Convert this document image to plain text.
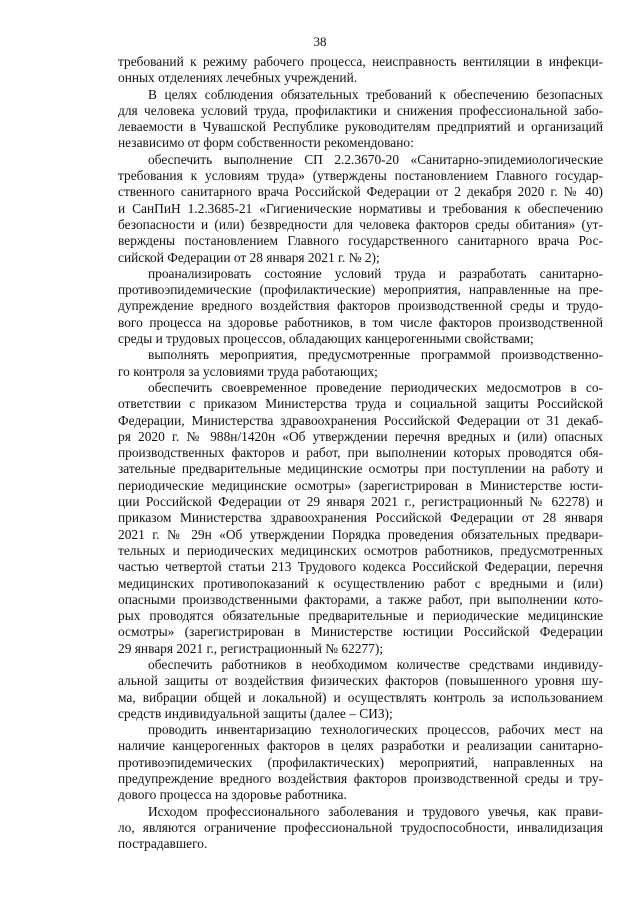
38
требований к режиму рабочего процесса, неисправность вентиляции в инфекци-
онных отделениях лечебных учреждений.
В целях соблюдения обязательных требований к обеспечению безопасных
для человека условий труда, профилактики и снижения профессиональной забо-
леваемости в Чувашской Республике руководителям предприятий и организаций
независимо от форм собственности рекомендовано:
обеспечить выполнение СП 2.2.3670-20 «Санитарно-эпидемиологические
требования к условиям труда» (утверждены постановлением Главного государ-
ственного санитарного врача Российской Федерации от 2 декабря 2020 г. № 40)
и СанПиН 1.2.3685-21 «Гигиенические нормативы и требования к обеспечению
безопасности и (или) безвредности для человека факторов среды обитания» (ут-
верждены постановлением Главного государственного санитарного врача Рос-
сийской Федерации от 28 января 2021 г. № 2);
проанализировать состояние условий труда и разработать санитарно-
противоэпидемические (профилактические) мероприятия, направленные на пре-
дупреждение вредного воздействия факторов производственной среды и трудо-
вого процесса на здоровье работников, в том числе факторов производственной
среды и трудовых процессов, обладающих канцерогенными свойствами;
выполнять мероприятия, предусмотренные программой производственно-
го контроля за условиями труда работающих;
обеспечить своевременное проведение периодических медосмотров в со-
ответствии с приказом Министерства труда и социальной защиты Российской
Федерации, Министерства здравоохранения Российской Федерации от 31 декаб-
ря 2020 г. № 988н/1420н «Об утверждении перечня вредных и (или) опасных
производственных факторов и работ, при выполнении которых проводятся обя-
зательные предварительные медицинские осмотры при поступлении на работу и
периодические медицинские осмотры» (зарегистрирован в Министерстве юсти-
ции Российской Федерации от 29 января 2021 г., регистрационный № 62278) и
приказом Министерства здравоохранения Российской Федерации от 28 января
2021 г. № 29н «Об утверждении Порядка проведения обязательных предвари-
тельных и периодических медицинских осмотров работников, предусмотренных
частью четвертой статьи 213 Трудового кодекса Российской Федерации, перечня
медицинских противопоказаний к осуществлению работ с вредными и (или)
опасными производственными факторами, а также работ, при выполнении кото-
рых проводятся обязательные предварительные и периодические медицинские
осмотры» (зарегистрирован в Министерстве юстиции Российской Федерации
29 января 2021 г., регистрационный № 62277);
обеспечить работников в необходимом количестве средствами индивиду-
альной защиты от воздействия физических факторов (повышенного уровня шу-
ма, вибрации общей и локальной) и осуществлять контроль за использованием
средств индивидуальной защиты (далее – СИЗ);
проводить инвентаризацию технологических процессов, рабочих мест на
наличие канцерогенных факторов в целях разработки и реализации санитарно-
противоэпидемических (профилактических) мероприятий, направленных на
предупреждение вредного воздействия факторов производственной среды и тру-
дового процесса на здоровье работника.
Исходом профессионального заболевания и трудового увечья, как прави-
ло, являются ограничение профессиональной трудоспособности, инвалидизация
пострадавшего.
